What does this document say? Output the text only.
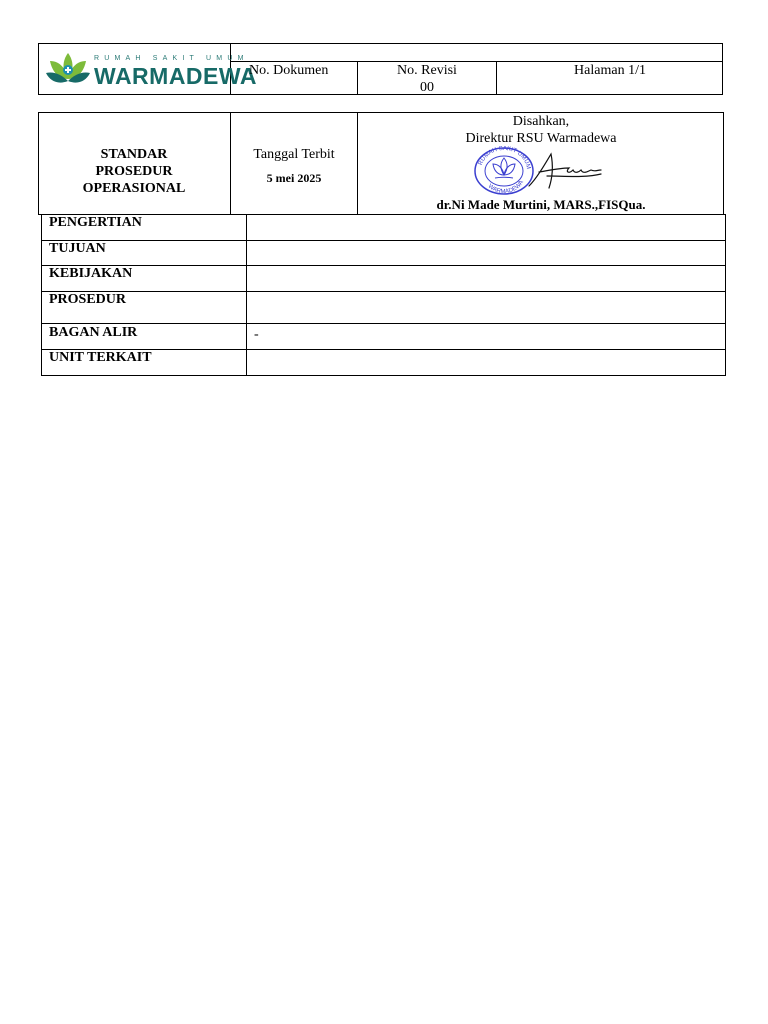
RUMAH SAKIT UMUM
WARMADEWA
No. Dokumen	No. Revisi
00
Halaman 1/1
STANDAR
PROSEDUR
OPERASIONAL
Tanggal Terbit
5 mei 2025
Disahkan,
Direktur RSU Warmadewa
RUMAH SAKIT UMUM
WARMADEWA
dr.Ni Made Murtini, MARS.,FISQua.
PENGERTIAN
TUJUAN
KEBIJAKAN
PROSEDUR
BAGAN ALIR	-
UNIT TERKAIT
